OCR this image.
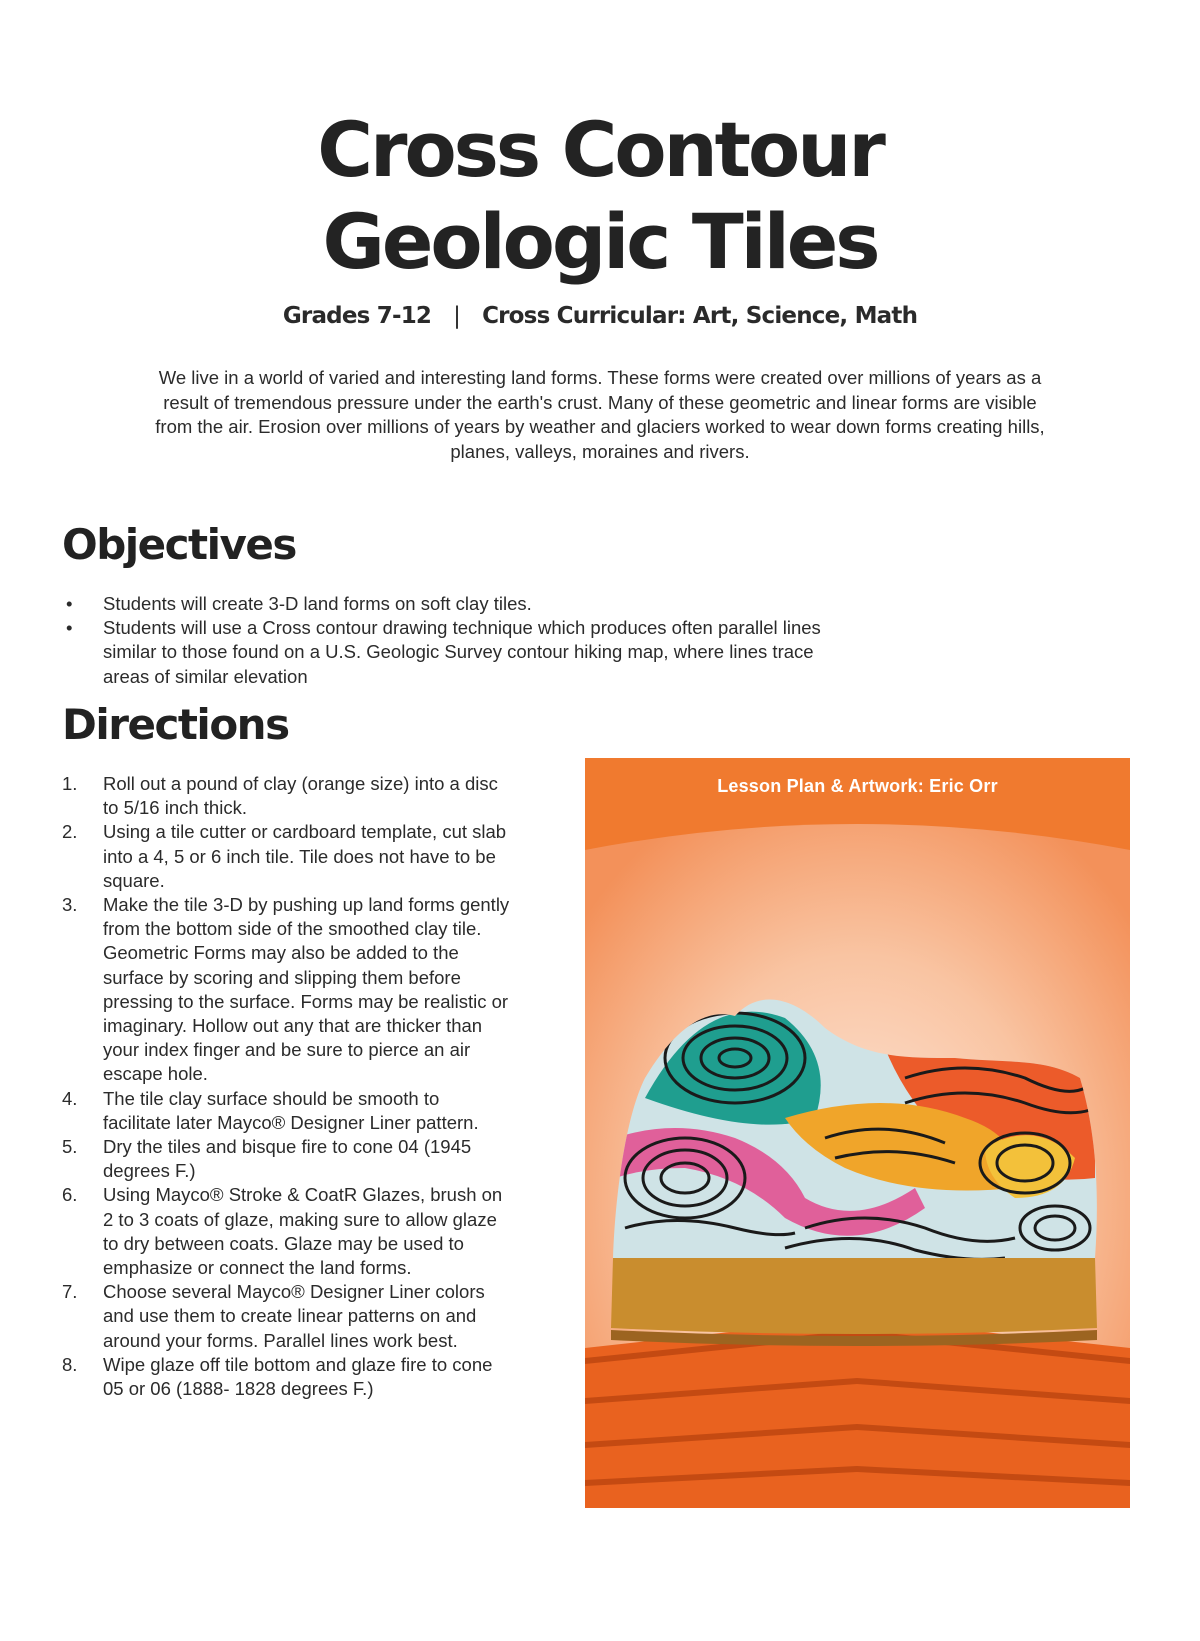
Cross Contour
Geologic Tiles
Grades 7-12 | Cross Curricular: Art, Science, Math

We live in a world of varied and interesting land forms. These forms were created over millions of years as a result of tremendous pressure under the earth's crust. Many of these geometric and linear forms are visible from the air. Erosion over millions of years by weather and glaciers worked to wear down forms creating hills, planes, valleys, moraines and rivers.

Objectives
• Students will create 3-D land forms on soft clay tiles.
• Students will use a Cross contour drawing technique which produces often parallel lines similar to those found on a U.S. Geologic Survey contour hiking map, where lines trace areas of similar elevation
Directions
1. Roll out a pound of clay (orange size) into a disc to 5/16 inch thick.
2. Using a tile cutter or cardboard template, cut slab into a 4, 5 or 6 inch tile. Tile does not have to be square.
3. Make the tile 3-D by pushing up land forms gently from the bottom side of the smoothed clay tile. Geometric Forms may also be added to the surface by scoring and slipping them before pressing to the surface. Forms may be realistic or imaginary. Hollow out any that are thicker than your index finger and be sure to pierce an air escape hole.
4. The tile clay surface should be smooth to facilitate later Mayco® Designer Liner pattern.
5. Dry the tiles and bisque fire to cone 04 (1945 degrees F.)
6. Using Mayco® Stroke & CoatR Glazes, brush on 2 to 3 coats of glaze, making sure to allow glaze to dry between coats. Glaze may be used to emphasize or connect the land forms.
7. Choose several Mayco® Designer Liner colors and use them to create linear patterns on and around your forms. Parallel lines work best.
8. Wipe glaze off tile bottom and glaze fire to cone 05 or 06 (1888- 1828 degrees F.)
Lesson Plan & Artwork: Eric Orr
